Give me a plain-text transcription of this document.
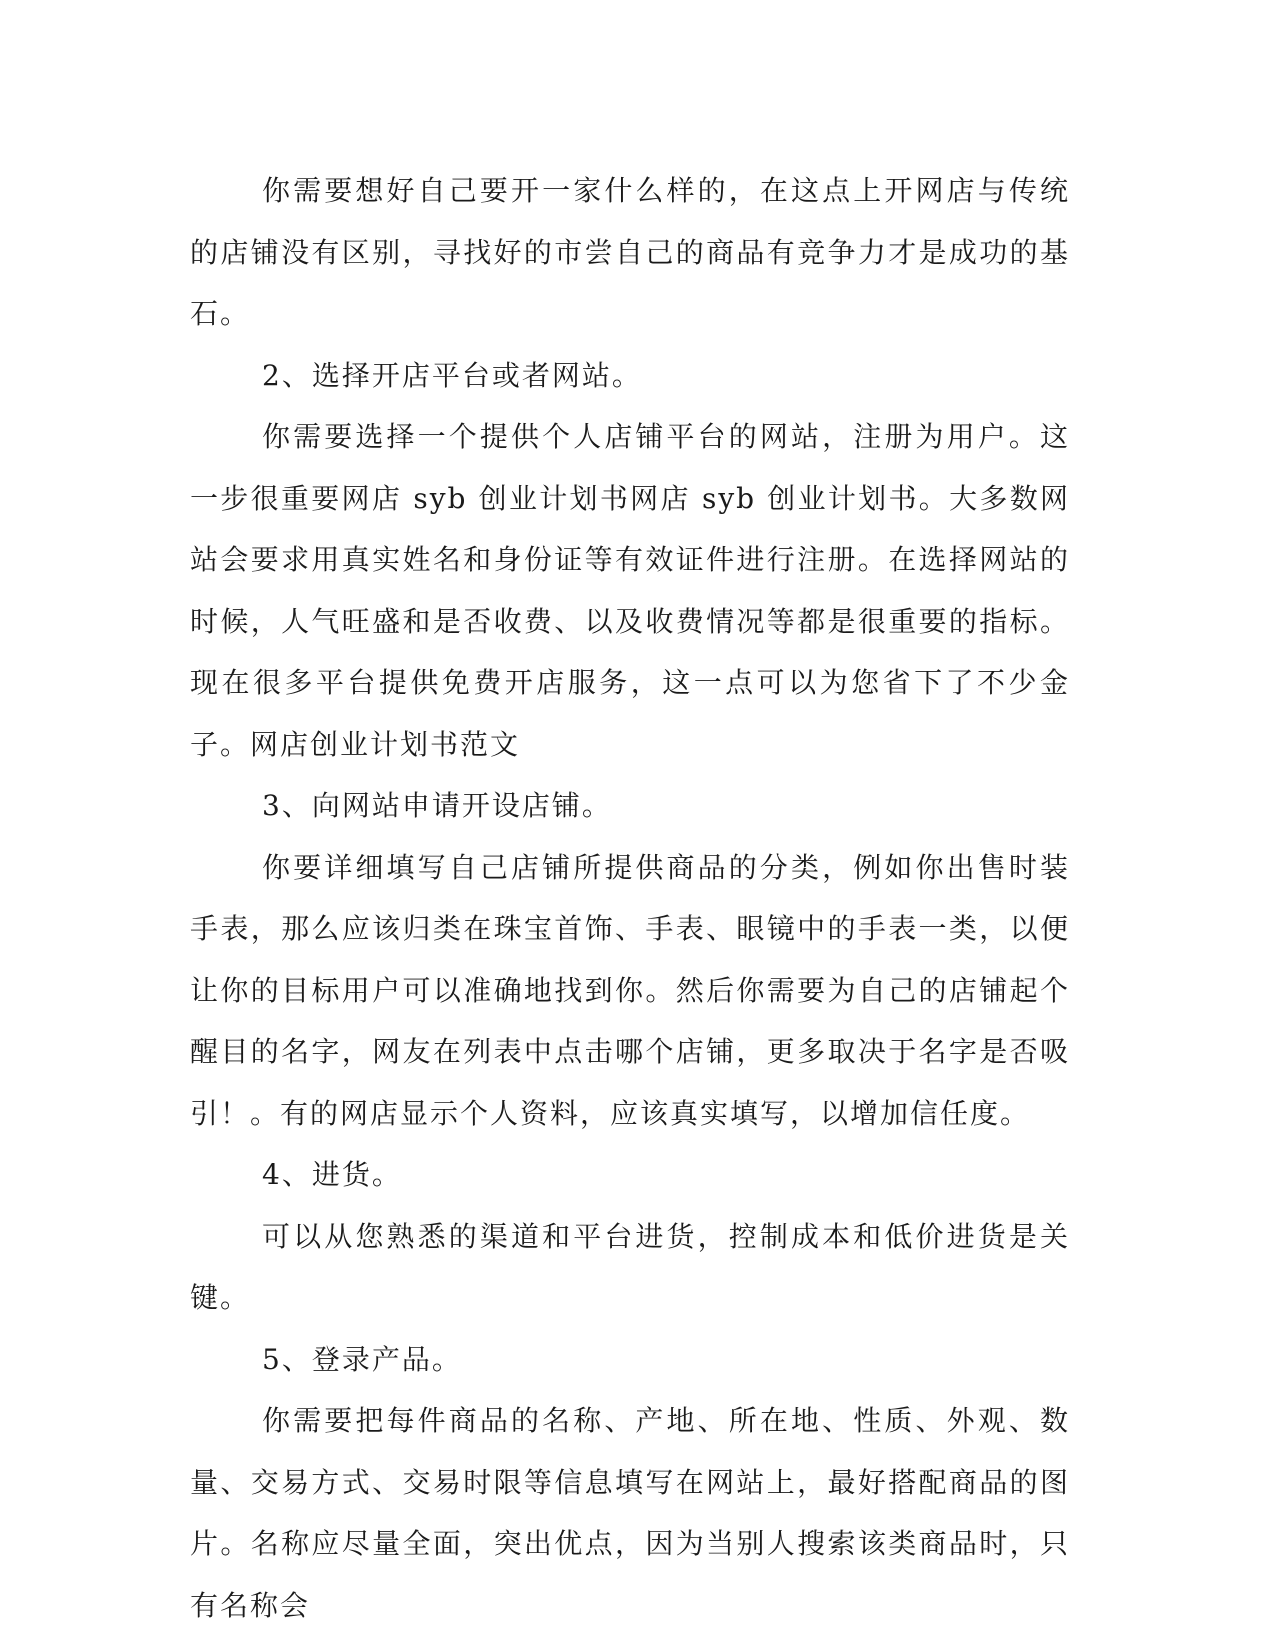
你需要想好自己要开一家什么样的，在这点上开网店与传统的店铺没有区别，寻找好的市尝自己的商品有竞争力才是成功的基石。

2、选择开店平台或者网站。

你需要选择一个提供个人店铺平台的网站，注册为用户。这一步很重要网店 syb 创业计划书网店 syb 创业计划书。大多数网站会要求用真实姓名和身份证等有效证件进行注册。在选择网站的时候，人气旺盛和是否收费、以及收费情况等都是很重要的指标。现在很多平台提供免费开店服务，这一点可以为您省下了不少金子。网店创业计划书范文

3、向网站申请开设店铺。

你要详细填写自己店铺所提供商品的分类，例如你出售时装手表，那么应该归类在珠宝首饰、手表、眼镜中的手表一类，以便让你的目标用户可以准确地找到你。然后你需要为自己的店铺起个醒目的名字，网友在列表中点击哪个店铺，更多取决于名字是否吸引！。有的网店显示个人资料，应该真实填写，以增加信任度。

4、进货。

可以从您熟悉的渠道和平台进货，控制成本和低价进货是关键。

5、登录产品。

你需要把每件商品的名称、产地、所在地、性质、外观、数量、交易方式、交易时限等信息填写在网站上，最好搭配商品的图片。名称应尽量全面，突出优点，因为当别人搜索该类商品时，只有名称会
